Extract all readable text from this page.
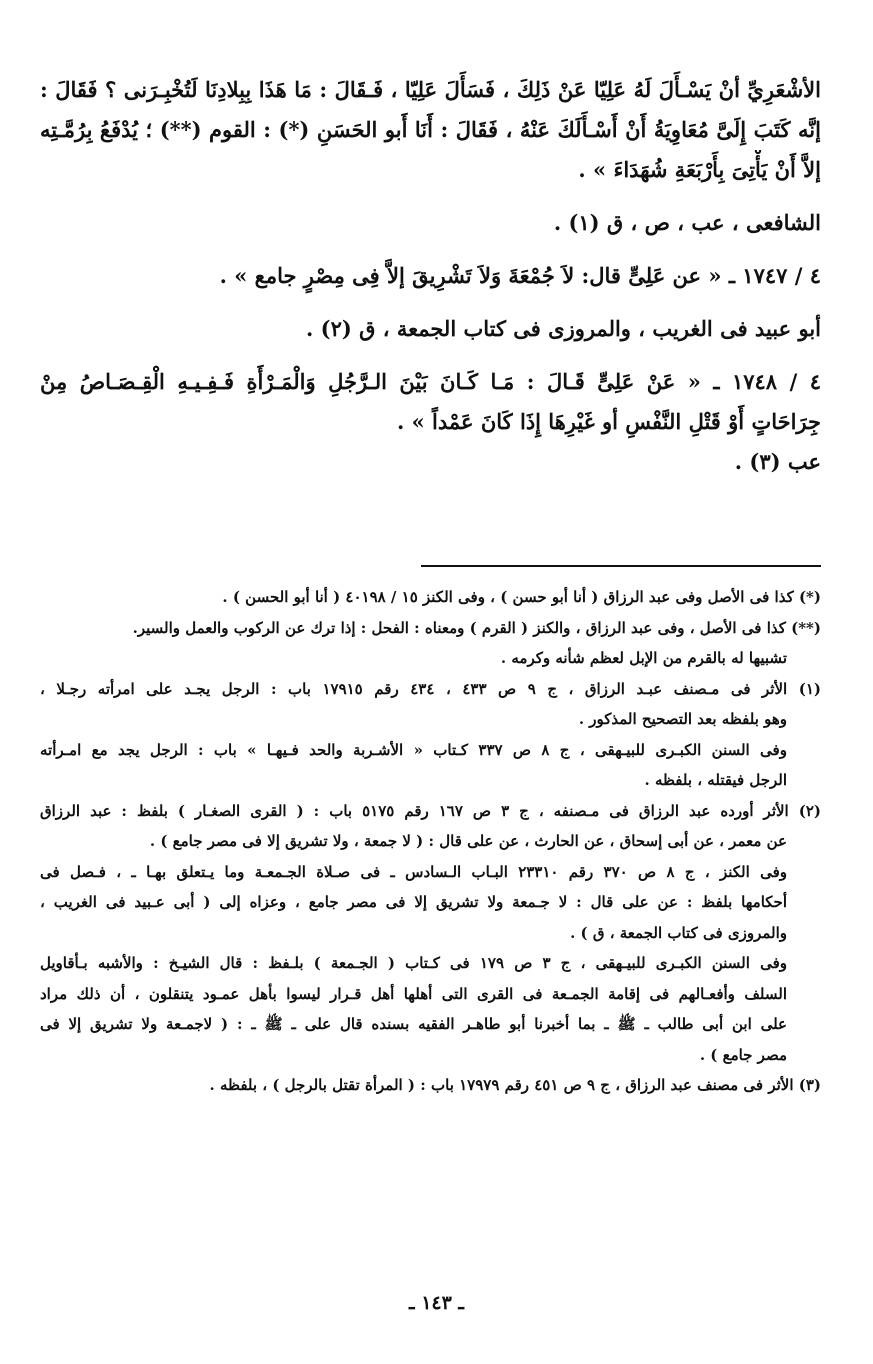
الأشْعَرِيِّ أنْ يَسْـأَلَ لَهُ عَلِيّا عَنْ ذَلِكَ ، فَسَأَلَ عَلِيّا ، فَـقَالَ : مَا هَذَا بِبِلادِنَا لَتُخْبِـرَنى ؟ فَقَالَ :

إنَّه كَتَبَ إِلَىَّ مُعَاوِيَةُ أَنْ أَسْـأَلَكَ عَنْهُ ، فَقَالَ : أَنَا أَبو الحَسَنِ (*) : القوم (**) ؛ يُدْفَعُ بِرُمَّـتِه

إلاَّ أَنْ يَأْتِىَ بِأَرْبَعَةِ شُهَدَاءَ » .

الشافعى ، عب ، ص ، ق (١) .

٤ / ١٧٤٧ ـ « عن عَلِىٍّ قال: لاَ جُمْعَةَ وَلاَ تَشْرِيقَ إلاَّ فِى مِصْرٍ جامع » .

أبو عبيد فى الغريب ، والمروزى فى كتاب الجمعة ، ق (٢) .

٤ / ١٧٤٨ ـ « عَنْ عَلِىٍّ قَـالَ : مَـا كَـانَ بَيْنَ الـرَّجُلِ وَالْمَـرْأَةِ فَـفِـيـهِ الْقِـصَـاصُ مِنْ

جِرَاحَاتٍ أَوْ قَتْلِ النَّفْسِ أو غَيْرِهَا إِذَا كَانَ عَمْداً » .

عب (٣) .

(*) كذا فى الأصل وفى عبد الرزاق ( أنا أبو حسن ) ، وفى الكنز ١٥ / ٤٠١٩٨ ( أنا أبو الحسن ) .

(**) كذا فى الأصل ، وفى عبد الرزاق ، والكنز ( القرم ) ومعناه : الفحل : إذا ترك عن الركوب والعمل والسير.

تشبيها له بالقرم من الإبل لعظم شأنه وكرمه .

(١) الأثر فى مـصنف عبـد الرزاق ، ج ٩ ص ٤٣٣ ، ٤٣٤ رقم ١٧٩١٥ باب : الرجل يجـد على امرأته رجـلا ،

وهو بلفظه بعد التصحيح المذكور .

وفى السنن الكبـرى للبيـهقى ، ج ٨ ص ٣٣٧ كـتاب « الأشـربة والحد فـيهـا » باب : الرجل يجد مع امـرأته

الرجل فيقتله ، بلفظه .

(٢) الأثر أورده عبد الرزاق فى مـصنفه ، ج ٣ ص ١٦٧ رقم ٥١٧٥ باب : ( القرى الصغـار ) بلفظ : عبد الرزاق

عن معمر ، عن أبى إسحاق ، عن الحارث ، عن على قال : ( لا جمعة ، ولا تشريق إلا فى مصر جامع ) .

وفى الكنز ، ج ٨ ص ٣٧٠ رقم ٢٣٣١٠ البـاب الـسادس ـ فى صـلاة الجـمعـة وما يـتعلق بهـا ـ ، فـصل فى

أحكامها بلفظ : عن على قال : لا جـمعة ولا تشريق إلا فى مصر جامع ، وعزاه إلى ( أبى عـبيد فى الغريب ،

والمروزى فى كتاب الجمعة ، ق ) .

وفى السنن الكبـرى للبيـهقى ، ج ٣ ص ١٧٩ فى كـتاب ( الجـمعة ) بلـفظ : قال الشيـخ : والأشبه بـأقاويل

السلف وأفعـالهم فى إقامة الجمـعة فى القرى التى أهلها أهل قـرار ليسوا بأهل عمـود يتنقلون ، أن ذلك مراد

على ابن أبى طالب ـ ﷺ ـ بما أخبرنا أبو طاهـر الفقيه بسنده قال على ـ ﷺ ـ : ( لاجمـعة ولا تشريق إلا فى

مصر جامع ) .

(٣) الأثر فى مصنف عبد الرزاق ، ج ٩ ص ٤٥١ رقم ١٧٩٧٩ باب : ( المرأة تقتل بالرجل ) ، بلفظه .

ـ ١٤٣ ـ
